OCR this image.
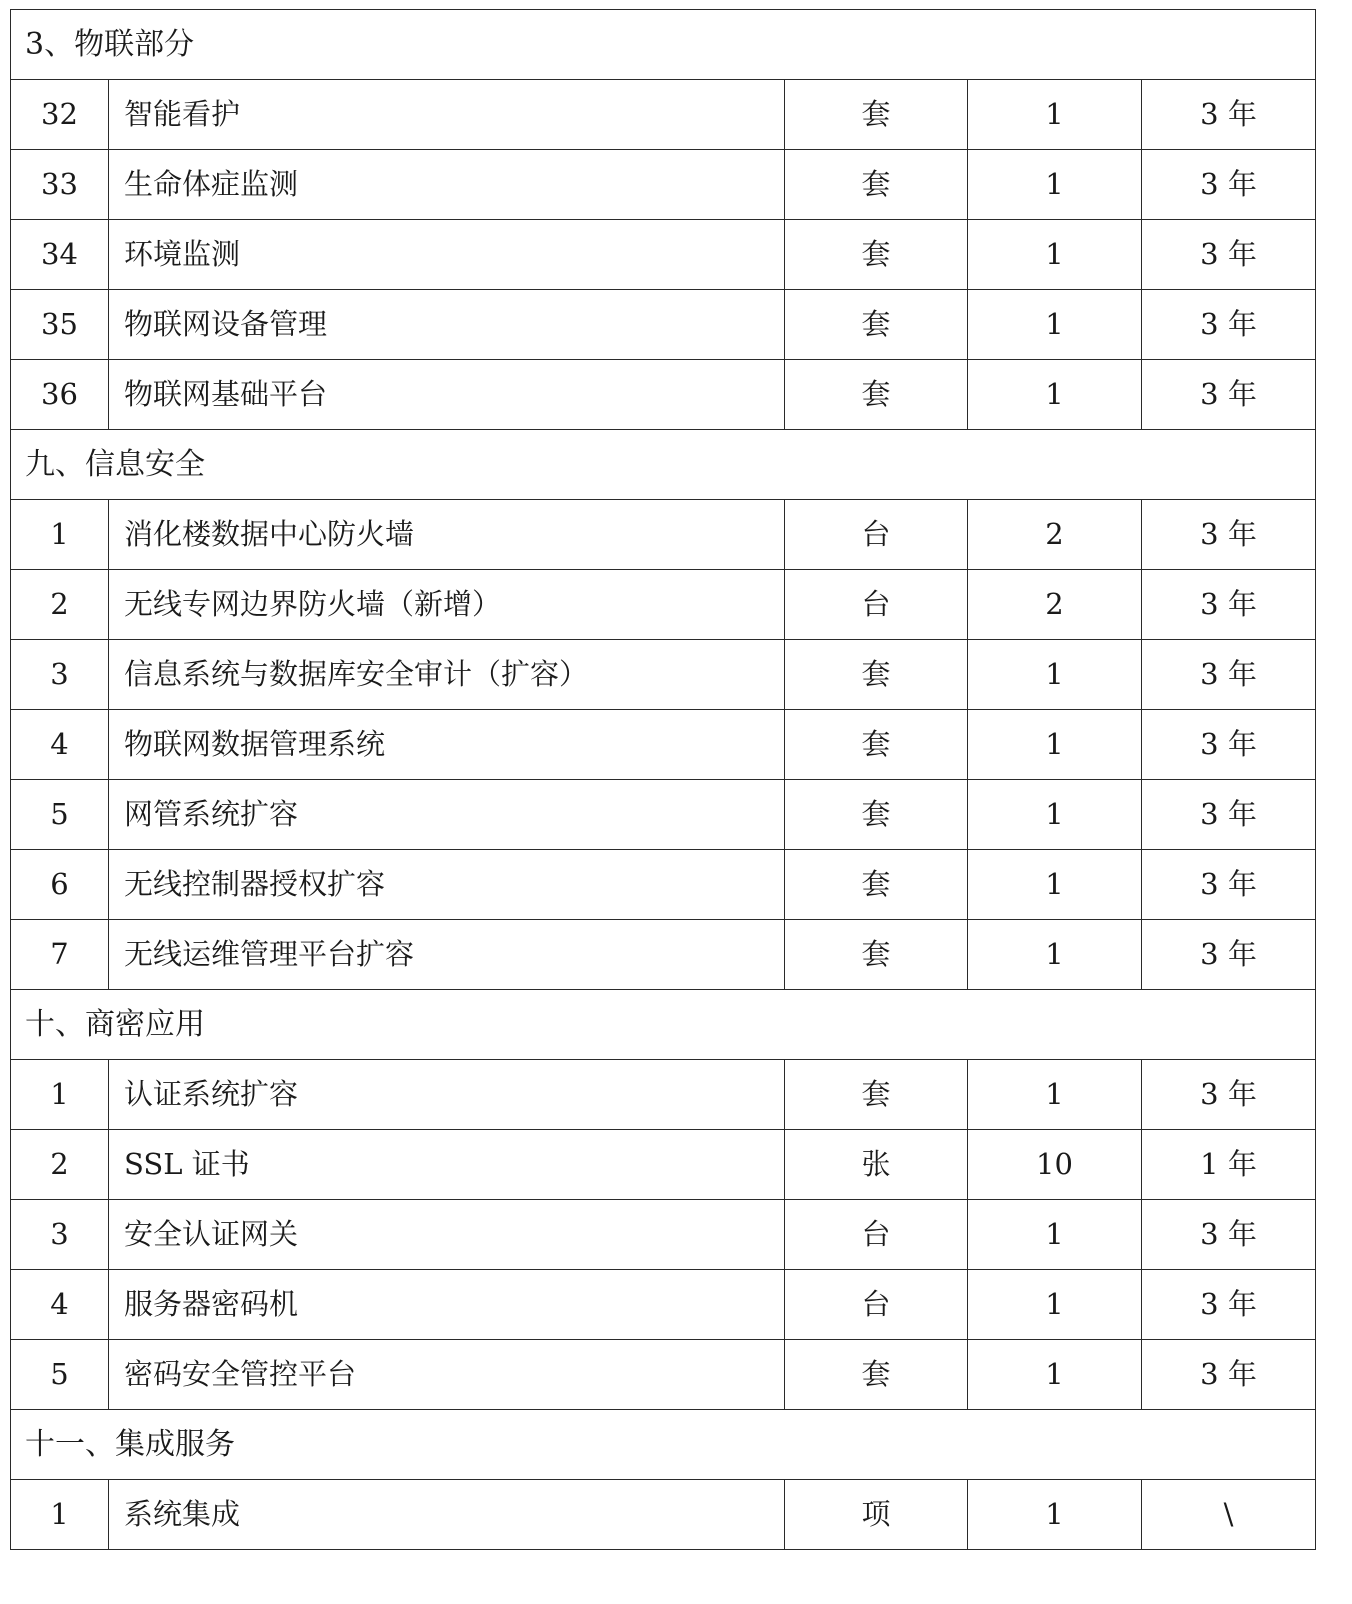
3、物联部分				
32	智能看护	套	1	3 年
33	生命体症监测	套	1	3 年
34	环境监测	套	1	3 年
35	物联网设备管理	套	1	3 年
36	物联网基础平台	套	1	3 年
九、信息安全				
1	消化楼数据中心防火墙	台	2	3 年
2	无线专网边界防火墙（新增）	台	2	3 年
3	信息系统与数据库安全审计（扩容）	套	1	3 年
4	物联网数据管理系统	套	1	3 年
5	网管系统扩容	套	1	3 年
6	无线控制器授权扩容	套	1	3 年
7	无线运维管理平台扩容	套	1	3 年
十、商密应用				
1	认证系统扩容	套	1	3 年
2	SSL 证书	张	10	1 年
3	安全认证网关	台	1	3 年
4	服务器密码机	台	1	3 年
5	密码安全管控平台	套	1	3 年
十一、集成服务				
1	系统集成	项	1	\
